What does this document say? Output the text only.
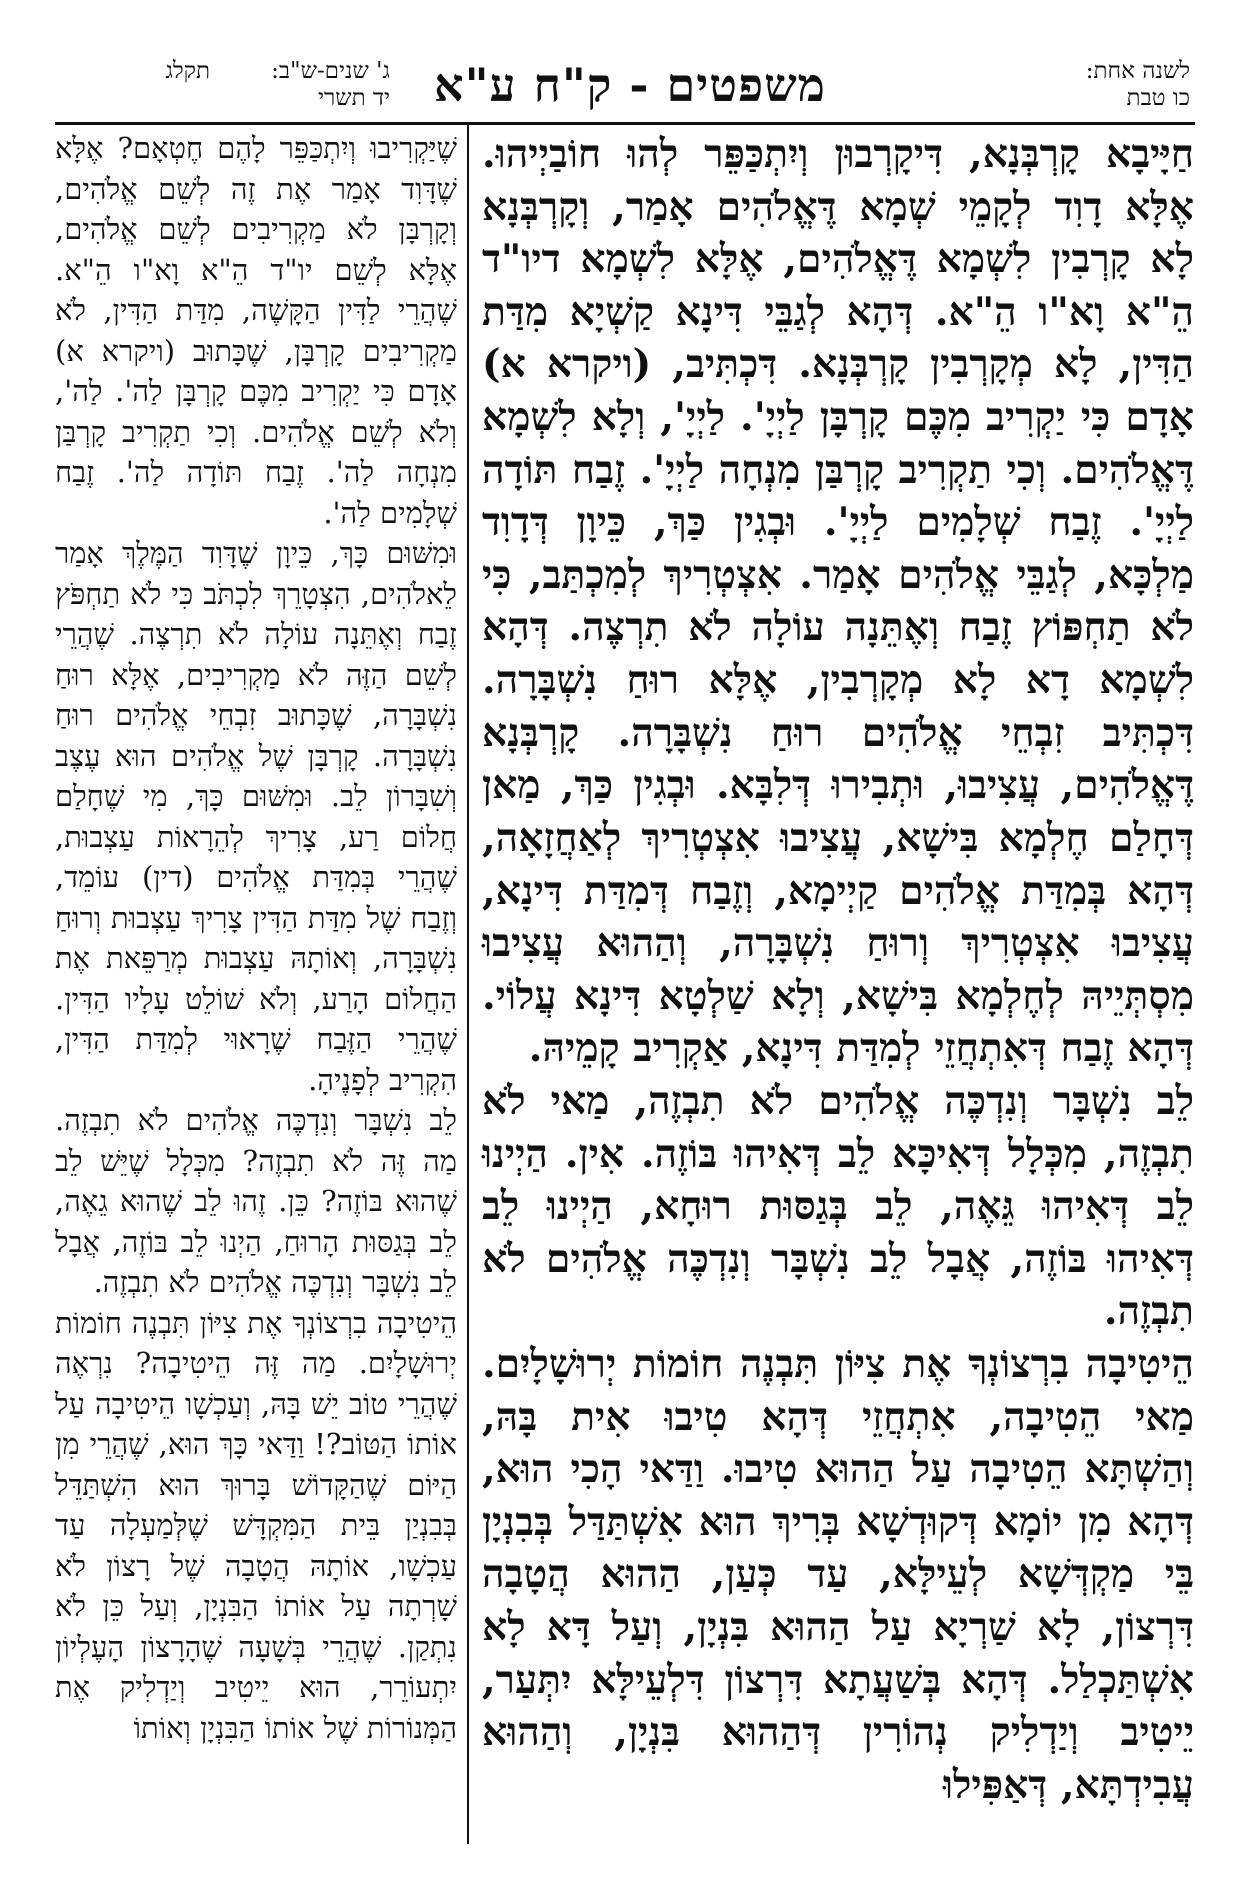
תקלג	ג' שנים-ש"ב:
יד תשרי משפטים - ק"ח ע"א	לשנה אחת:
כו טבת

חַיָּיבָא קָרְבְּנָא, דִּיקָרְבוּן וְיִתְכַּפֵּר לְהוּ חוֹבַיְיהוּ. אֶלָּא דָוִד לְקָמֵי שְׁמָא דֶּאֱלֹהִים אָמַר, וְקָרְבְּנָא לָא קָרְבִין לִשְׁמָא דֶּאֱלֹהִים, אֶלָּא לִשְׁמָא דיו"ד הֵ"א וָא"ו הֵ"א. דְּהָא לְגַבֵּי דִּינָא קַשְׁיָא מִדַּת הַדִּין, לָא מְקָרְבִין קָרְבְּנָא. דִּכְתִּיב, (ויקרא א) אָדָם כִּי יַקְרִיב מִכֶּם קָרְבָּן לַיְיָ'. לַיְיָ', וְלָא לִשְׁמָא דֶּאֱלֹהִים. וְכִי תַקְרִיב קָרְבַּן מִנְחָה לַיְיָ'. זֶבַח תּוֹדָה לַיְיָ'. זֶבַח שְׁלָמִים לַיְיָ'. וּבְגִין כַּךְ, כֵּיוָן דְּדָוִד מַלְכָּא, לְגַבֵּי אֱלֹהִים אָמַר. אִצְטְרִיךְ לְמִכְתַּב, כִּי לֹא תַחְפּוֹץ זֶבַח וְאֶתֵּנָה עוֹלָה לֹא תִרְצֶה. דְּהָא לִשְׁמָא דָא לָא מְקָרְבִין, אֶלָּא רוּחַ נִשְׁבָּרָה. דִּכְתִּיב זִבְחֵי אֱלֹהִים רוּחַ נִשְׁבָּרָה. קָרְבְּנָא דֶּאֱלֹהִים, עֲצִיבוּ, וּתְבִירוּ דְּלִבָּא. וּבְגִין כַּךְ, מַאן דְּחָלַם חֶלְמָא בִּישָׁא, עֲצִיבוּ אִצְטְרִיךְ לְאַחֲזָאָה, דְּהָא בְּמִדַּת אֱלֹהִים קַיְימָא, וְזֶבַח דְּמִדַּת דִּינָא, עֲצִיבוּ אִצְטְרִיךְ וְרוּחַ נִשְׁבָּרָה, וְהַהוּא עֲצִיבוּ מִסְתְּיֵיהּ לְחֶלְמָא בִּישָׁא, וְלָא שַׁלְטָא דִּינָא עֲלוֹי. דְּהָא זֶבַח דְּאִתְחֲזֵי לְמִדַּת דִּינָא, אַקְרִיב קָמֵיהּ.

לֵב נִשְׁבָּר וְנִדְכֶּה אֱלֹהִים לֹא תִבְזֶה, מַאי לֹא תִבְזֶה, מִכְּלָל דְּאִיכָּא לֵב דְּאִיהוּ בּוֹזֶה. אִין. הַיְינוּ לֵב דְּאִיהוּ גֵּאֶה, לֵב בְּגַסּוּת רוּחָא, הַיְינוּ לֵב דְּאִיהוּ בּוֹזֶה, אֲבָל לֵב נִשְׁבָּר וְנִדְכֶּה אֱלֹהִים לֹא תִבְזֶה.

הֵיטִיבָה בִרְצוֹנְךָ אֶת צִיּוֹן תִּבְנֶה חוֹמוֹת יְרוּשָׁלָיִם. מַאי הֵטִיבָה, אִתְחֲזֵי דְּהָא טִיבוּ אִית בָּהּ, וְהַשְׁתָּא הֵטִיבָה עַל הַהוּא טִיבוּ. וַדַּאי הָכִי הוּא, דְּהָא מִן יוֹמָא דְּקוּדְשָׁא בְּרִיךְ הוּא אִשְׁתַּדַּל בְּבִנְיָן בֵּי מַקְדְּשָׁא לְעֵילָּא, עַד כְּעַן, הַהוּא הֲטָבָה דִּרְצוֹן, לָא שַׁרְיָא עַל הַהוּא בִּנְיָן, וְעַל דָּא לָא אִשְׁתַּכְלַל. דְּהָא בְּשַׁעֲתָא דִּרְצוֹן דִּלְעֵילָּא יִתְּעַר, יֵיטִיב וְיַדְלִיק נְהוֹרִין דְּהַהוּא בִּנְיָן, וְהַהוּא עֲבִידְתָּא, דְּאַפִּילוּ

שֶׁיַּקְרִיבוּ וְיִתְכַּפֵּר לָהֶם חֶטְאָם? אֶלָּא שֶׁדָּוִד אָמַר אֶת זֶה לְשֵׁם אֱלֹהִים, וְקָרְבָּן לֹא מַקְרִיבִים לְשֵׁם אֱלֹהִים, אֶלָּא לְשֵׁם יו"ד הֵ"א וָא"ו הֵ"א. שֶׁהֲרֵי לַדִּין הַקָּשֶׁה, מִדַּת הַדִּין, לֹא מַקְרִיבִים קָרְבָּן, שֶׁכָּתוּב (ויקרא א) אָדָם כִּי יַקְרִיב מִכֶּם קָרְבָּן לַה'. לַה', וְלֹא לְשֵׁם אֱלֹהִים. וְכִי תַקְרִיב קָרְבַּן מִנְחָה לַה'. זֶבַח תּוֹדָה לַה'. זֶבַח שְׁלָמִים לַה'.

וּמִשּׁוּם כָּךְ, כֵּיוָן שֶׁדָּוִד הַמֶּלֶךְ אָמַר לֵאלֹהִים, הִצְטָרֵךְ לִכְתֹּב כִּי לֹא תַחְפֹּץ זֶבַח וְאֶתֵּנָה עוֹלָה לֹא תִרְצֶה. שֶׁהֲרֵי לְשֵׁם הַזֶּה לֹא מַקְרִיבִים, אֶלָּא רוּחַ נִשְׁבָּרָה, שֶׁכָּתוּב זִבְחֵי אֱלֹהִים רוּחַ נִשְׁבָּרָה. קָרְבָּן שֶׁל אֱלֹהִים הוּא עֶצֶב וְשִׁבָּרוֹן לֵב. וּמִשּׁוּם כָּךְ, מִי שֶׁחָלַם חֲלוֹם רַע, צָרִיךְ לְהֵרָאוֹת עַצְבוּת, שֶׁהֲרֵי בְּמִדַּת אֱלֹהִים (דין) עוֹמֵד, וְזֶבַח שֶׁל מִדַּת הַדִּין צָרִיךְ עַצְבוּת וְרוּחַ נִשְׁבָּרָה, וְאוֹתָהּ עַצְבוּת מְרַפֵּאת אֶת הַחֲלוֹם הָרַע, וְלֹא שׁוֹלֵט עָלָיו הַדִּין. שֶׁהֲרֵי הַזֶּבַח שֶׁרָאוּי לְמִדַּת הַדִּין, הִקְרִיב לְפָנֶיהָ.

לֵב נִשְׁבָּר וְנִדְכֶּה אֱלֹהִים לֹא תִבְזֶה. מַה זֶּה לֹא תִבְזֶה? מִכְּלָל שֶׁיֵּשׁ לֵב שֶׁהוּא בּוֹזֶה? כֵּן. זֶהוּ לֵב שֶׁהוּא גֵאֶה, לֵב בְּגַסּוּת הָרוּחַ, הַיְנוּ לֵב בּוֹזֶה, אֲבָל לֵב נִשְׁבָּר וְנִדְכֶּה אֱלֹהִים לֹא תִבְזֶה.

הֵיטִיבָה בִרְצוֹנְךָ אֶת צִיּוֹן תִּבְנֶה חוֹמוֹת יְרוּשָׁלָיִם. מַה זֶּה הֵיטִיבָה? נִרְאֶה שֶׁהֲרֵי טוֹב יֵשׁ בָּהּ, וְעַכְשָׁו הֵיטִיבָה עַל אוֹתוֹ הַטּוֹב?! וַדַּאי כָּךְ הוּא, שֶׁהֲרֵי מִן הַיּוֹם שֶׁהַקָּדוֹשׁ בָּרוּךְ הוּא הִשְׁתַּדֵּל בְּבִנְיַן בֵּית הַמִּקְדָּשׁ שֶׁלְּמַעְלָה עַד עַכְשָׁו, אוֹתָהּ הֲטָבָה שֶׁל רָצוֹן לֹא שָׁרְתָה עַל אוֹתוֹ הַבִּנְיָן, וְעַל כֵּן לֹא נִתְקַן. שֶׁהֲרֵי בְּשָׁעָה שֶׁהָרָצוֹן הָעֶלְיוֹן יִתְעוֹרֵר, הוּא יֵיטִיב וְיַדְלִיק אֶת הַמְּנוֹרוֹת שֶׁל אוֹתוֹ הַבִּנְיָן וְאוֹתוֹ
